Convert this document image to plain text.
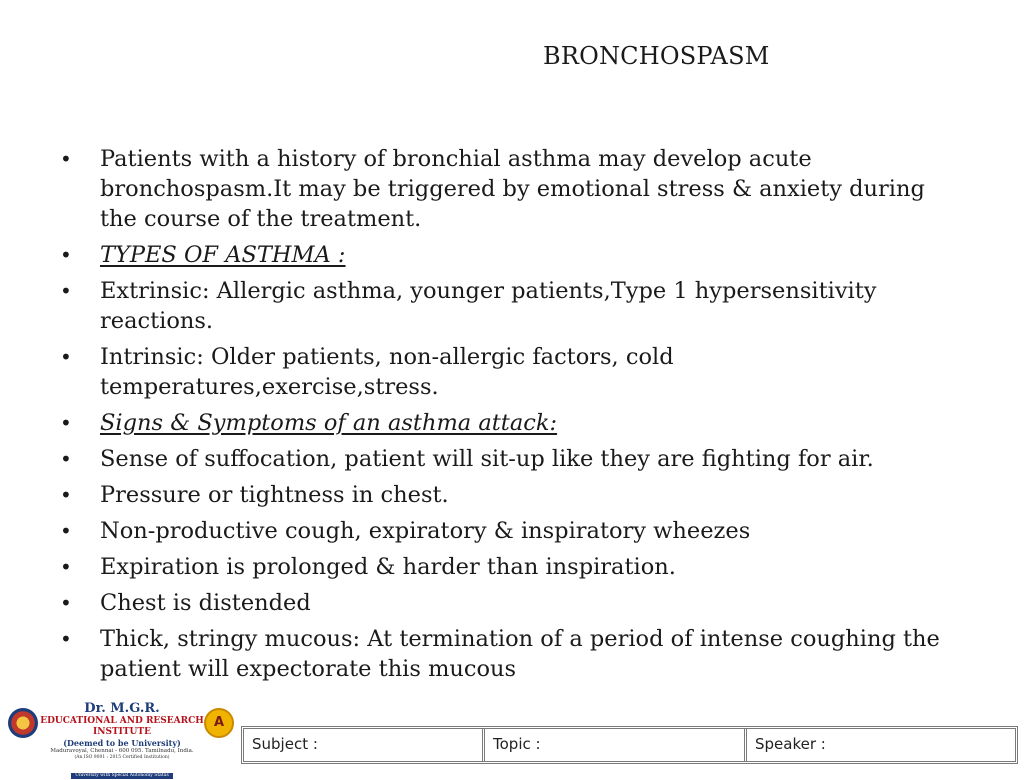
BRONCHOSPASM
• Patients with a history of bronchial asthma may develop acute bronchospasm.It may be triggered by emotional stress & anxiety during the course of the treatment.
• TYPES OF ASTHMA :
• Extrinsic: Allergic asthma, younger patients,Type 1 hypersensitivity reactions.
• Intrinsic: Older patients, non-allergic factors, cold temperatures,exercise,stress.
• Signs & Symptoms of an asthma attack:
• Sense of suffocation, patient will sit-up like they are fighting for air.
• Pressure or tightness in chest.
• Non-productive cough, expiratory & inspiratory wheezes
• Expiration is prolonged & harder than inspiration.
• Chest is distended
• Thick, stringy mucous: At termination of a period of intense coughing the patient will expectorate this mucous
Dr. M.G.R.
EDUCATIONAL AND RESEARCH INSTITUTE
(Deemed to be University)
Maduravoyal, Chennai - 600 095. Tamilnadu, India.
(An ISO 9001 : 2015 Certified Institution)
University with Special Autonomy Status
A
Subject :	Topic :	Speaker :
